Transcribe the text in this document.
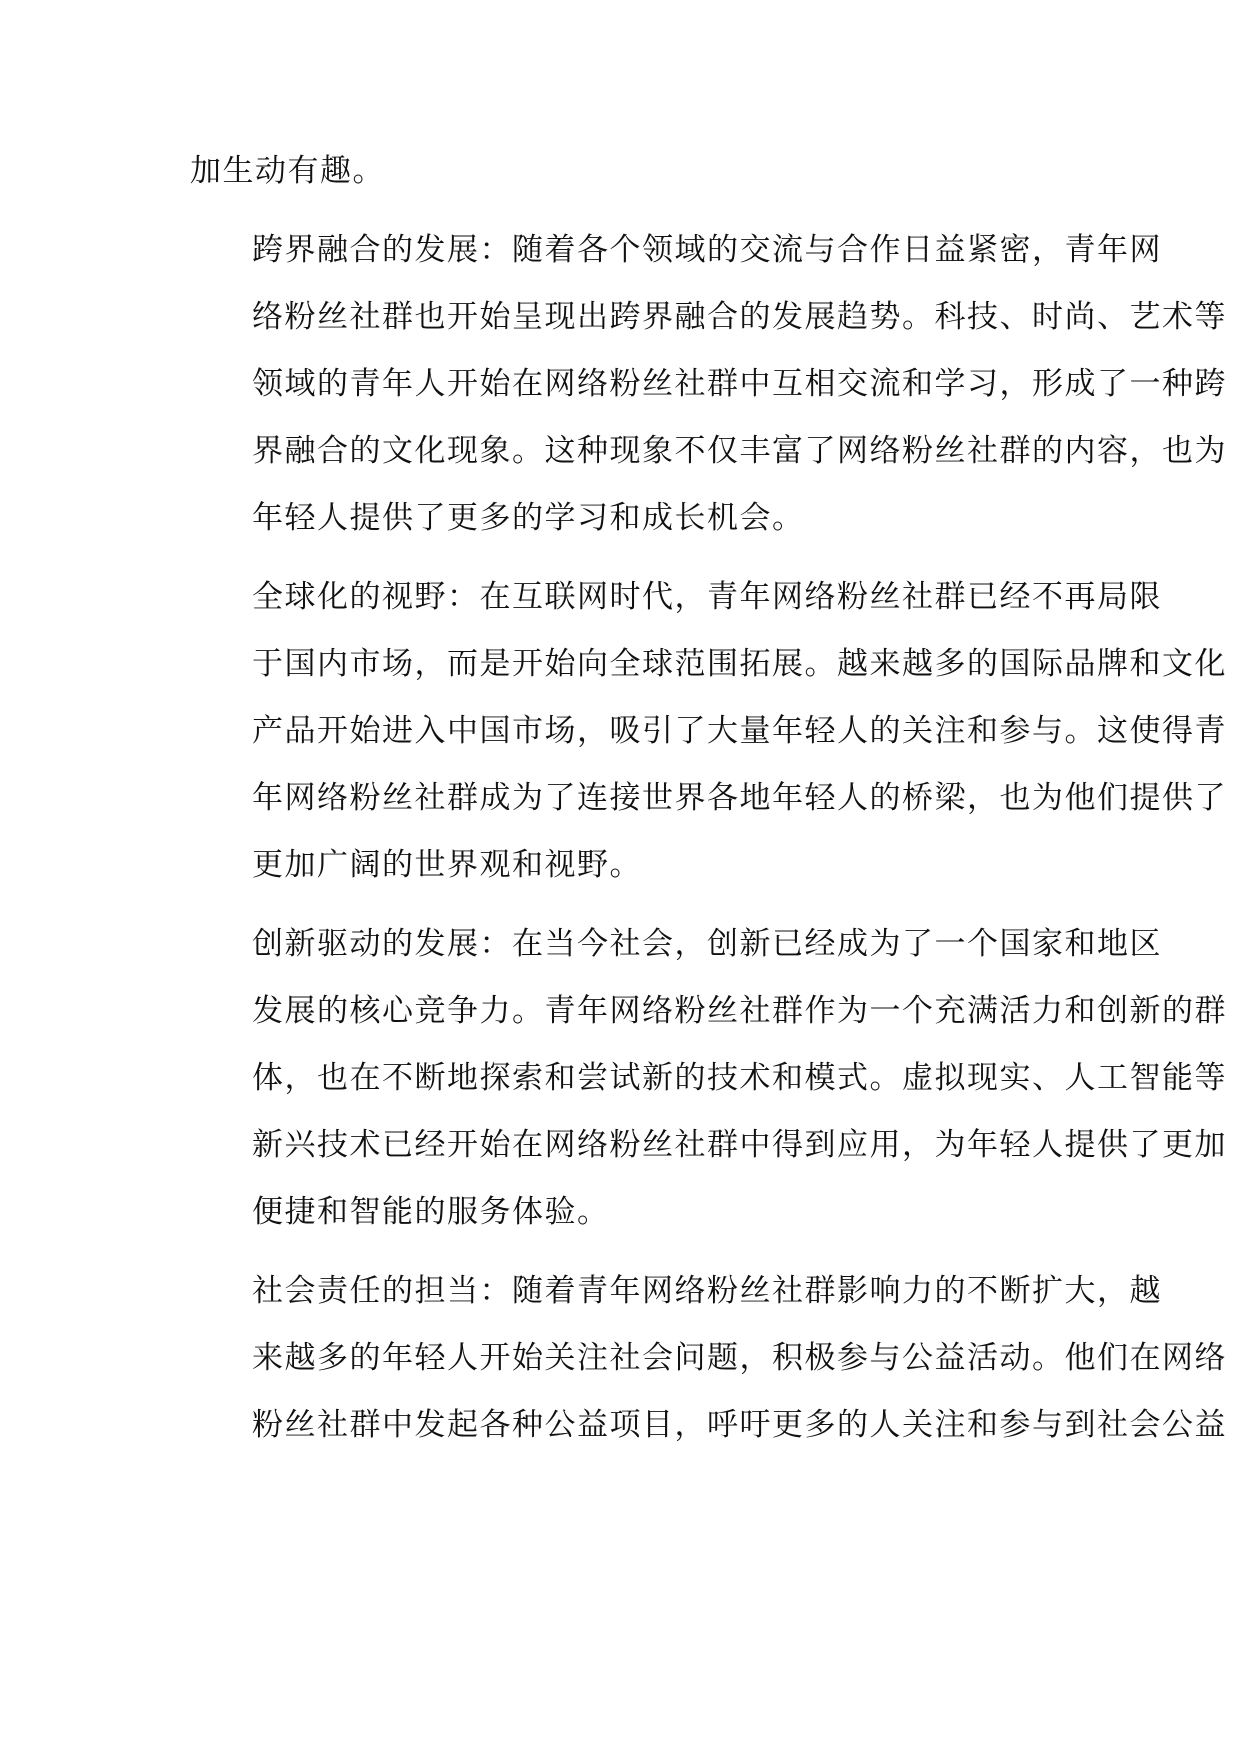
加生动有趣。

跨界融合的发展：随着各个领域的交流与合作日益紧密，青年网
络粉丝社群也开始呈现出跨界融合的发展趋势。科技、时尚、艺术等
领域的青年人开始在网络粉丝社群中互相交流和学习，形成了一种跨
界融合的文化现象。这种现象不仅丰富了网络粉丝社群的内容，也为
年轻人提供了更多的学习和成长机会。

全球化的视野：在互联网时代，青年网络粉丝社群已经不再局限
于国内市场，而是开始向全球范围拓展。越来越多的国际品牌和文化
产品开始进入中国市场，吸引了大量年轻人的关注和参与。这使得青
年网络粉丝社群成为了连接世界各地年轻人的桥梁，也为他们提供了
更加广阔的世界观和视野。

创新驱动的发展：在当今社会，创新已经成为了一个国家和地区
发展的核心竞争力。青年网络粉丝社群作为一个充满活力和创新的群
体，也在不断地探索和尝试新的技术和模式。虚拟现实、人工智能等
新兴技术已经开始在网络粉丝社群中得到应用，为年轻人提供了更加
便捷和智能的服务体验。

社会责任的担当：随着青年网络粉丝社群影响力的不断扩大，越
来越多的年轻人开始关注社会问题，积极参与公益活动。他们在网络
粉丝社群中发起各种公益项目，呼吁更多的人关注和参与到社会公益
